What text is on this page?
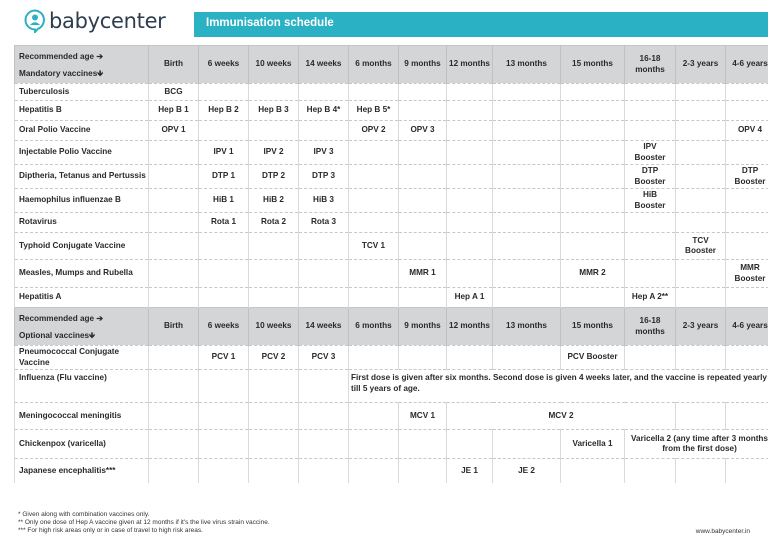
babycenter	Immunisation schedule
Recommended age ➔
Mandatory vaccines🡻	Birth	6 weeks	10 weeks	14 weeks	6 months	9 months	12 months	13 months	15 months	16-18 months	2-3 years	4-6 years
Tuberculosis	BCG											
Hepatitis B	Hep B 1	Hep B 2	Hep B 3	Hep B 4*	Hep B 5*							
Oral Polio Vaccine	OPV 1				OPV 2	OPV 3						OPV 4
Injectable Polio Vaccine		IPV 1	IPV 2	IPV 3						IPV Booster		
Diptheria, Tetanus and Pertussis		DTP 1	DTP 2	DTP 3						DTP Booster		DTP Booster
Haemophilus influenzae B		HiB 1	HiB 2	HiB 3						HiB Booster		
Rotavirus		Rota 1	Rota 2	Rota 3								
Typhoid Conjugate Vaccine					TCV 1						TCV Booster	
Measles, Mumps and Rubella						MMR 1			MMR 2			MMR Booster
Hepatitis A							Hep A 1			Hep A 2**		

Recommended age ➔
Optional vaccines🡻	Birth	6 weeks	10 weeks	14 weeks	6 months	9 months	12 months	13 months	15 months	16-18 months	2-3 years	4-6 years
Pneumococcal Conjugate Vaccine		PCV 1	PCV 2	PCV 3					PCV Booster			
Influenza (Flu vaccine)					First dose is given after six months. Second dose is given 4 weeks later, and the vaccine is repeated yearly till 5 years of age.							
Meningococcal meningitis						MCV 1	MCV 2					
Chickenpox (varicella)									Varicella 1	Varicella 2 (any time after 3 months from the first dose)		
Japanese encephalitis***							JE 1	JE 2				
* Given along with combination vaccines only.
** Only one dose of Hep A vaccine given at 12 months if it's the live virus strain vaccine.
*** For high risk areas only or in case of travel to high risk areas.	www.babycenter.in
